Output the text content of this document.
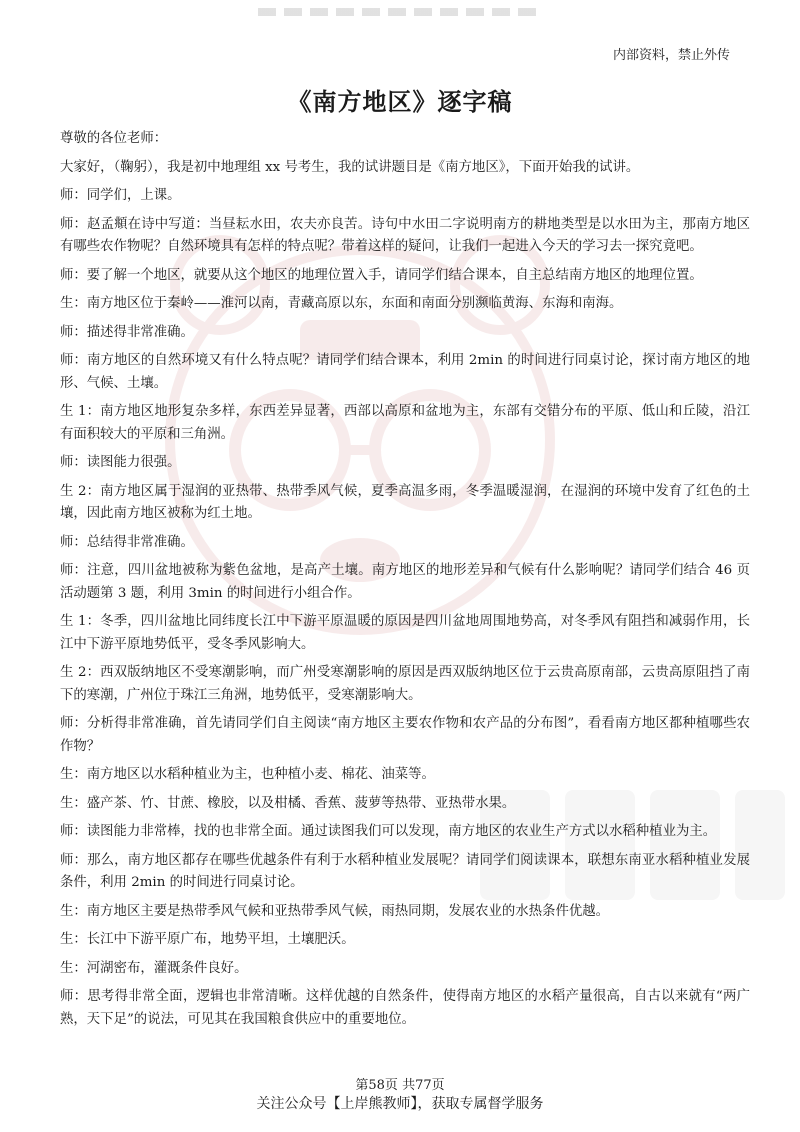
内部资料，禁止外传
《南方地区》逐字稿

尊敬的各位老师：

大家好，（鞠躬），我是初中地理组 xx 号考生，我的试讲题目是《南方地区》，下面开始我的试讲。

师：同学们，上课。

师：赵孟頫在诗中写道：当昼耘水田，农夫亦良苦。诗句中水田二字说明南方的耕地类型是以水田为主，那南方地区有哪些农作物呢？自然环境具有怎样的特点呢？带着这样的疑问，让我们一起进入今天的学习去一探究竟吧。

师：要了解一个地区，就要从这个地区的地理位置入手，请同学们结合课本，自主总结南方地区的地理位置。

生：南方地区位于秦岭——淮河以南，青藏高原以东，东面和南面分别濒临黄海、东海和南海。

师：描述得非常准确。

师：南方地区的自然环境又有什么特点呢？请同学们结合课本，利用 2min 的时间进行同桌讨论，探讨南方地区的地形、气候、土壤。

生 1：南方地区地形复杂多样，东西差异显著，西部以高原和盆地为主，东部有交错分布的平原、低山和丘陵，沿江有面积较大的平原和三角洲。

师：读图能力很强。

生 2：南方地区属于湿润的亚热带、热带季风气候，夏季高温多雨，冬季温暖湿润，在湿润的环境中发育了红色的土壤，因此南方地区被称为红土地。

师：总结得非常准确。

师：注意，四川盆地被称为紫色盆地，是高产土壤。南方地区的地形差异和气候有什么影响呢？请同学们结合 46 页活动题第 3 题，利用 3min 的时间进行小组合作。

生 1：冬季，四川盆地比同纬度长江中下游平原温暖的原因是四川盆地周围地势高，对冬季风有阻挡和减弱作用，长江中下游平原地势低平，受冬季风影响大。

生 2：西双版纳地区不受寒潮影响，而广州受寒潮影响的原因是西双版纳地区位于云贵高原南部，云贵高原阻挡了南下的寒潮，广州位于珠江三角洲，地势低平，受寒潮影响大。

师：分析得非常准确，首先请同学们自主阅读“南方地区主要农作物和农产品的分布图”，看看南方地区都种植哪些农作物？

生：南方地区以水稻种植业为主，也种植小麦、棉花、油菜等。

生：盛产茶、竹、甘蔗、橡胶，以及柑橘、香蕉、菠萝等热带、亚热带水果。

师：读图能力非常棒，找的也非常全面。通过读图我们可以发现，南方地区的农业生产方式以水稻种植业为主。

师：那么，南方地区都存在哪些优越条件有利于水稻种植业发展呢？请同学们阅读课本，联想东南亚水稻种植业发展条件，利用 2min 的时间进行同桌讨论。

生：南方地区主要是热带季风气候和亚热带季风气候，雨热同期，发展农业的水热条件优越。

生：长江中下游平原广布，地势平坦，土壤肥沃。

生：河湖密布，灌溉条件良好。

师：思考得非常全面，逻辑也非常清晰。这样优越的自然条件，使得南方地区的水稻产量很高，自古以来就有“两广熟，天下足”的说法，可见其在我国粮食供应中的重要地位。

第58页 共77页
关注公众号【上岸熊教师】，获取专属督学服务
